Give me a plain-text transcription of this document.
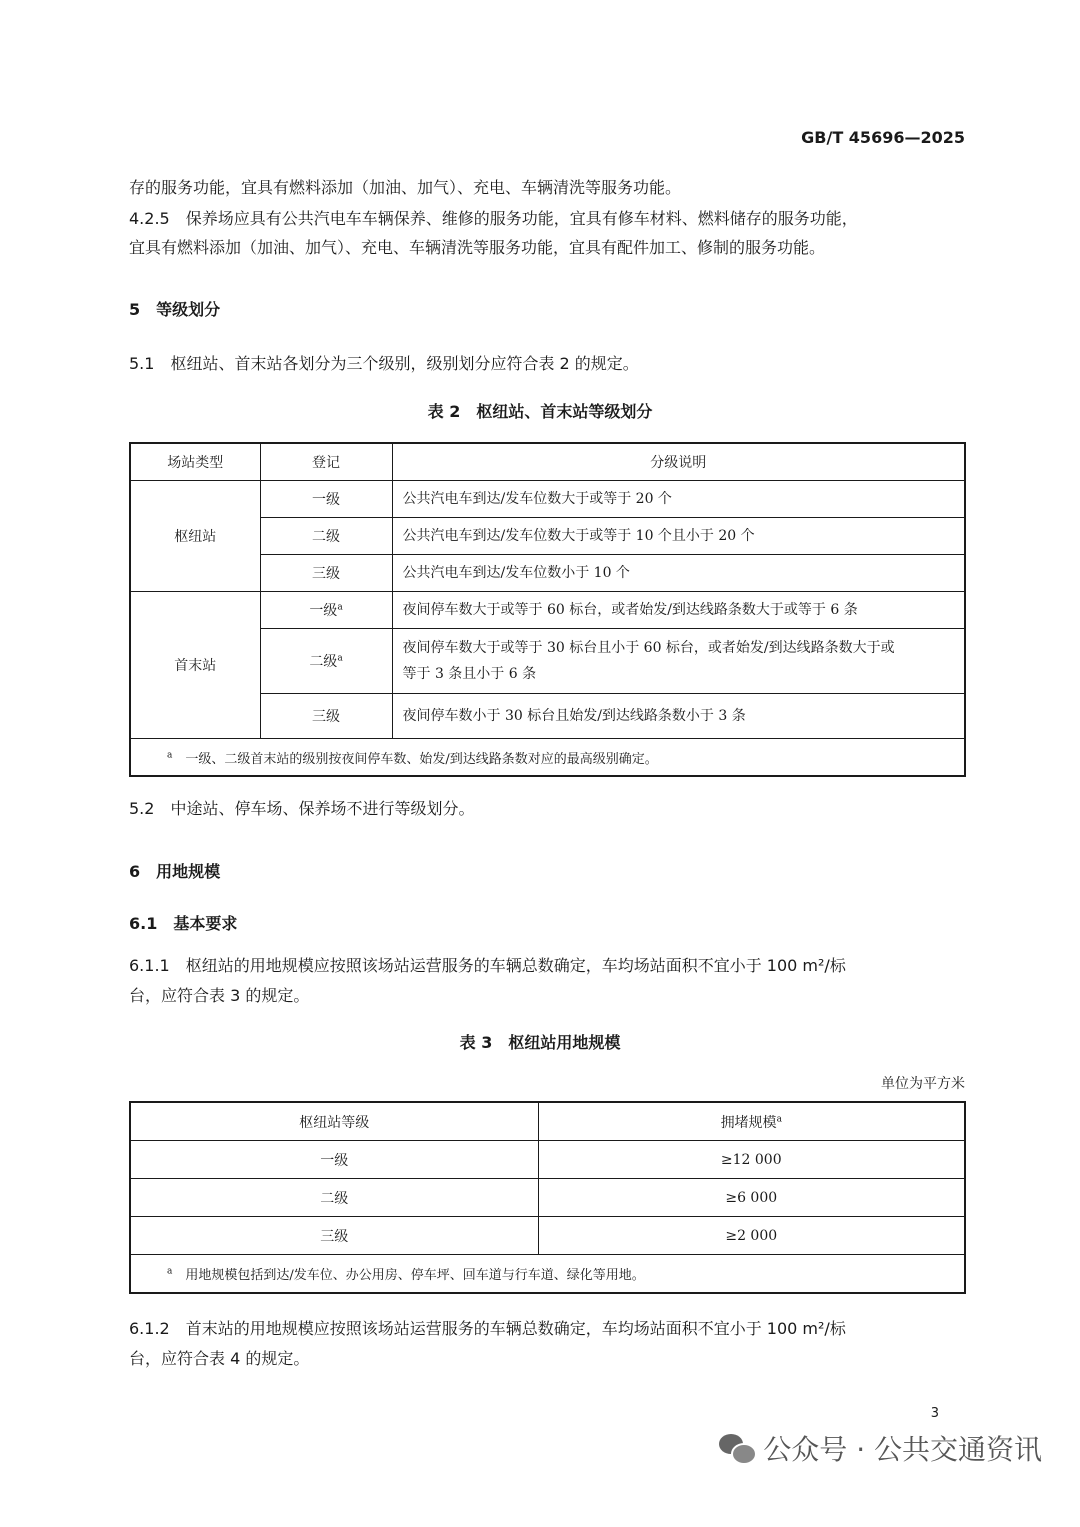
GB/T 45696—2025
存的服务功能，宜具有燃料添加（加油、加气）、充电、车辆清洗等服务功能。
4.2.5　保养场应具有公共汽电车车辆保养、维修的服务功能，宜具有修车材料、燃料储存的服务功能，
宜具有燃料添加（加油、加气）、充电、车辆清洗等服务功能，宜具有配件加工、修制的服务功能。
5　等级划分
5.1　枢纽站、首末站各划分为三个级别，级别划分应符合表 2 的规定。
表 2　枢纽站、首末站等级划分
场站类型	登记	分级说明
枢纽站	一级	公共汽电车到达/发车位数大于或等于 20 个
	二级	公共汽电车到达/发车位数大于或等于 10 个且小于 20 个
	三级	公共汽电车到达/发车位数小于 10 个
首末站	一级$^a$	夜间停车数大于或等于 60 标台，或者始发/到达线路条数大于或等于 6 条
	二级$^a$	夜间停车数大于或等于 30 标台且小于 60 标台，或者始发/到达线路条数大于或
等于 3 条且小于 6 条
	三级	夜间停车数小于 30 标台且始发/到达线路条数小于 3 条
$^a$　 一级、二级首末站的级别按夜间停车数、始发/到达线路条数对应的最高级别确定。		
5.2　中途站、停车场、保养场不进行等级划分。
6　用地规模
6.1　基本要求
6.1.1　枢纽站的用地规模应按照该场站运营服务的车辆总数确定，车均场站面积不宜小于 100 m²/标
台，应符合表 3 的规定。
表 3　枢纽站用地规模
单位为平方米
枢纽站等级	拥堵规模$^a$
一级	≥12 000
二级	≥6 000
三级	≥2 000
$^a$　 用地规模包括到达/发车位、办公用房、停车坪、回车道与行车道、绿化等用地。	
6.1.2　首末站的用地规模应按照该场站运营服务的车辆总数确定，车均场站面积不宜小于 100 m²/标
台，应符合表 4 的规定。
3
公众号 · 公共交通资讯
